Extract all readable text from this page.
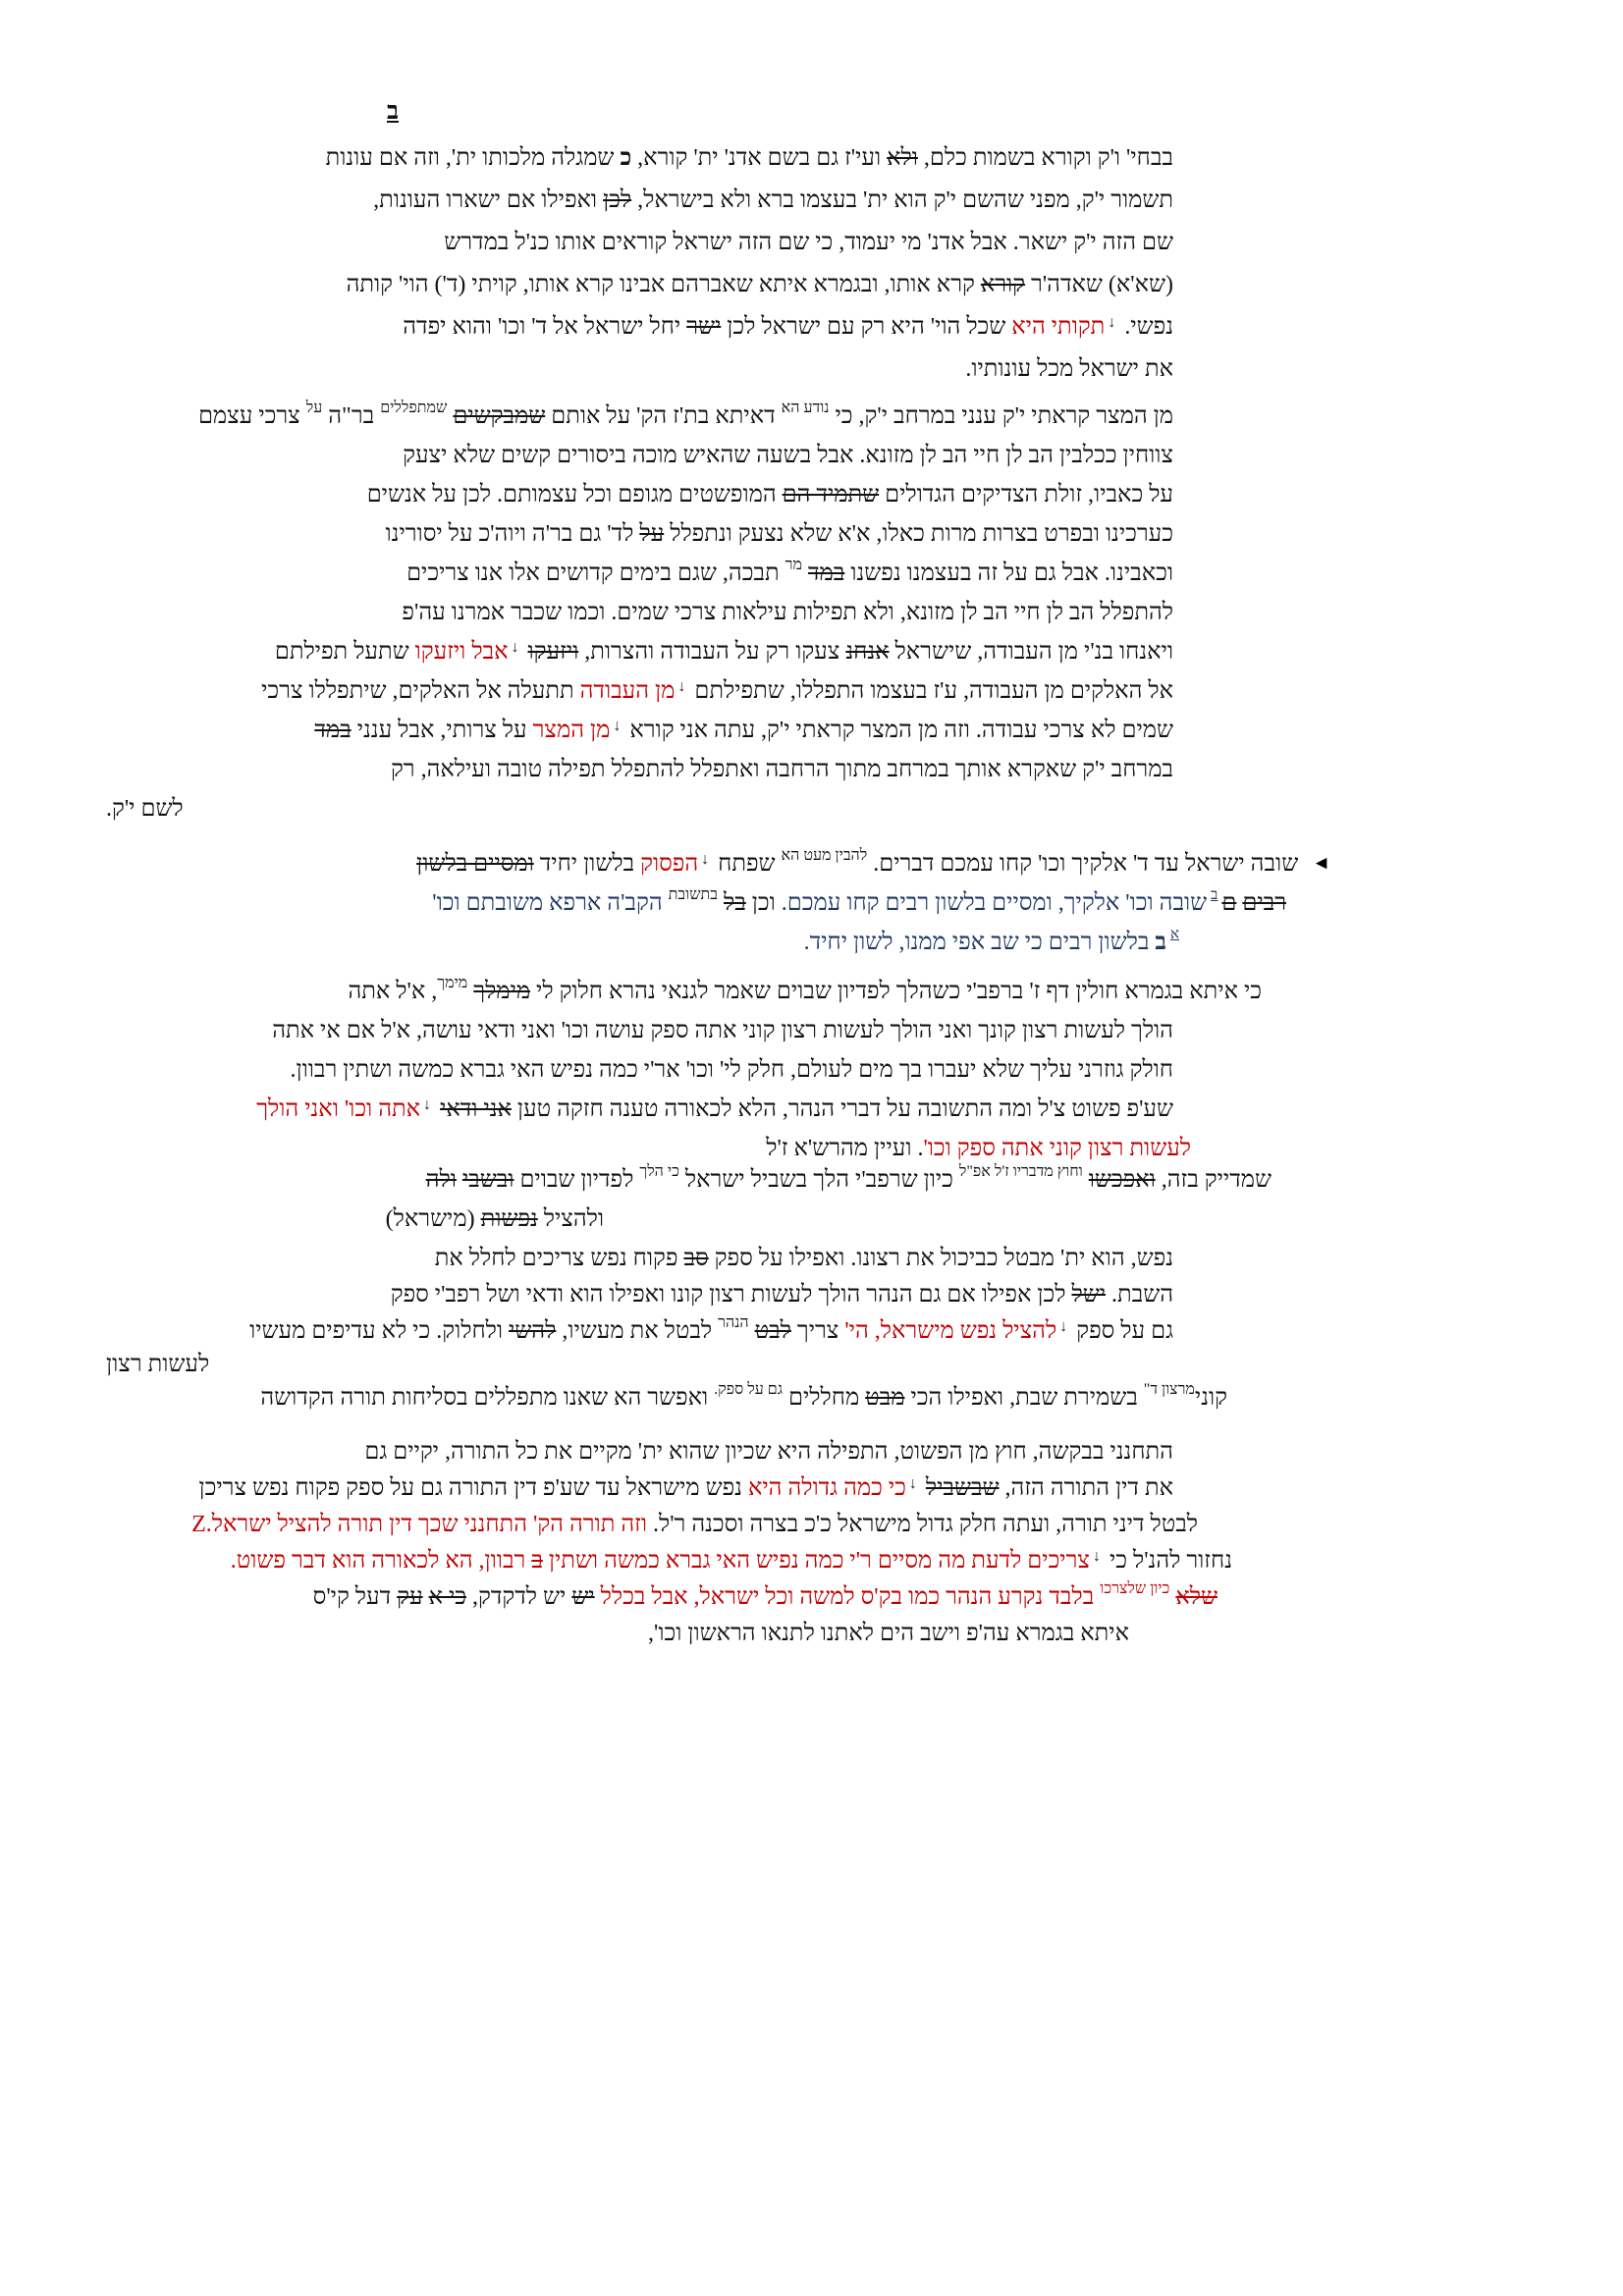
ב
בבחי' ו'ק וקורא בשמות כלם, ולא ועי'ז גם בשם אדנ' ית' קורא, כ שמגלה מלכותו ית', וזה אם עונות
תשמור י'ק, מפני שהשם י'ק הוא ית' בעצמו ברא ולא בישראל, לכן ואפילו אם ישארו העונות,
שם הזה י'ק ישאר. אבל אדנ' מי יעמוד, כי שם הזה ישראל קוראים אותו כנ'ל במדרש
(שא'א) שאדה'ר קורא קרא אותו, ובגמרא איתא שאברהם אבינו קרא אותו, קויתי (ד') הוי' קותה
נפשי. ↓תקותי היא שכל הוי' היא רק עם ישראל לכן ישר יחל ישראל אל ד' וכו' והוא יפדה
את ישראל מכל עונותיו.
מן המצר קראתי י'ק ענני במרחב י'ק, כי $^{נודע הא}$ דאיתא בת'ז הק' על אותם שמבקשים $^{שמתפללים}$ בר"ה $^{על}$ צרכי עצמם
צווחין ככלבין הב לן חיי הב לן מזונא. אבל בשעה שהאיש מוכה ביסורים קשים שלא יצעק
על כאביו, זולת הצדיקים הגדולים שתמיד הם המופשטים מגופם וכל עצמותם. לכן על אנשים
כערכינו ובפרט בצרות מרות כאלו, א'א שלא נצעק ונתפלל על לד' גם בר'ה ויוה'כ על יסורינו
וכאבינו. אבל גם על זה בעצמנו נפשנו במד $^{מר}$ תבכה, שגם בימים קדושים אלו אנו צריכים
להתפלל הב לן חיי הב לן מזונא, ולא תפילות עילאות צרכי שמים. וכמו שכבר אמרנו עה'פ
ויאנחו בנ'י מן העבודה, שישראל אנחנ צעקו רק על העבודה והצרות, ויזעקו ↓אבל ויזעקו שתעל תפילתם
אל האלקים מן העבודה, ע'ז בעצמו התפללו, שתפילתם ↓מן העבודה תתעלה אל האלקים, שיתפללו צרכי
שמים לא צרכי עבודה. וזה מן המצר קראתי י'ק, עתה אני קורא ↓מן המצר על צרותי, אבל ענני במד
במרחב י'ק שאקרא אותך במרחב מתוך הרחבה ואתפלל להתפלל תפילה טובה ועילאה, רק
לשם י'ק.
◄שובה ישראל עד ד' אלקיך וכו' קחו עמכם דברים. $^{להבין מעט הא}$ שפתח ↓הפסוק בלשון יחיד ומסיים בלשון
רבים ם$^ב$שובה וכו' אלקיך, ומסיים בלשון רבים קחו עמכם. וכן בל $^{בתשובת}$ הקב'ה ארפא משובתם וכו'
$^א$ב בלשון רבים כי שב אפי ממנו, לשון יחיד.
כי איתא בגמרא חולין דף ז' ברפב'י כשהלך לפדיון שבוים שאמר לגנאי נהרא חלוק לי מימלך $^{מימך}$, א'ל אתה
הולך לעשות רצון קונך ואני הולך לעשות רצון קוני אתה ספק עושה וכו' ואני ודאי עושה, א'ל אם אי אתה
חולק גוזרני עליך שלא יעברו בך מים לעולם, חלק לי' וכו' אר'י כמה נפיש האי גברא כמשה ושתין רבוון.
שע'פ פשוט צ'ל ומה התשובה על דברי הנהר, הלא לכאורה טענה חזקה טען אני ודאי ↓אתה וכו' ואני הולך
לעשות רצון קוני אתה ספק וכו'. ועיין מהרש'א ז'ל
שמדייק בזה, ואפכשו $^{וחוץ מדבריו ז'ל אפ"ל}$ כיון שרפב'י הלך בשביל ישראל $^{כי הלך}$ לפדיון שבוים ובשבי ולה
ולהציל נפשות (מישראל)
נפש, הוא ית' מבטל כביכול את רצונו. ואפילו על ספק סב פקוח נפש צריכים לחלל את
השבת. ישל לכן אפילו אם גם הנהר הולך לעשות רצון קונו ואפילו הוא ודאי ושל רפב'י ספק
גם על ספק ↓להציל נפש מישראל, הי' צריך לבט $^{הנהר}$ לבטל את מעשיו, להשי ולחלוק. כי לא עדיפים מעשיו
לעשות רצון
קוני$^{מרצון ד"}$ בשמירת שבת, ואפילו הכי מבט מחללים $^{גם על ספק.}$ ואפשר הא שאנו מתפללים בסליחות תורה הקדושה
התחנני בבקשה, חוץ מן הפשוט, התפילה היא שכיון שהוא ית' מקיים את כל התורה, יקיים גם
את דין התורה הזה, שבשביל ↓כי כמה גדולה היא נפש מישראל עד שע'פ דין התורה גם על ספק פקוח נפש צריכן
לבטל דיני תורה, ועתה חלק גדול מישראל כ'כ בצרה וסכנה ר'ל. וזה תורה הק' התחנני שכך דין תורה להציל ישראל.Z
נחזור להנ'ל כי ↓צריכים לדעת מה מסיים ר'י כמה נפיש האי גברא כמשה ושתין ב רבוון, הא לכאורה הוא דבר פשוט.
שלא $^{כיון שלצרכו}$ בלבד נקרע הנהר כמו בק'ס למשה וכל ישראל, אבל בכלל יש יש לדקדק, כי א עק דעל קי'ס
איתא בגמרא עה'פ וישב הים לאתנו לתנאו הראשון וכו',
